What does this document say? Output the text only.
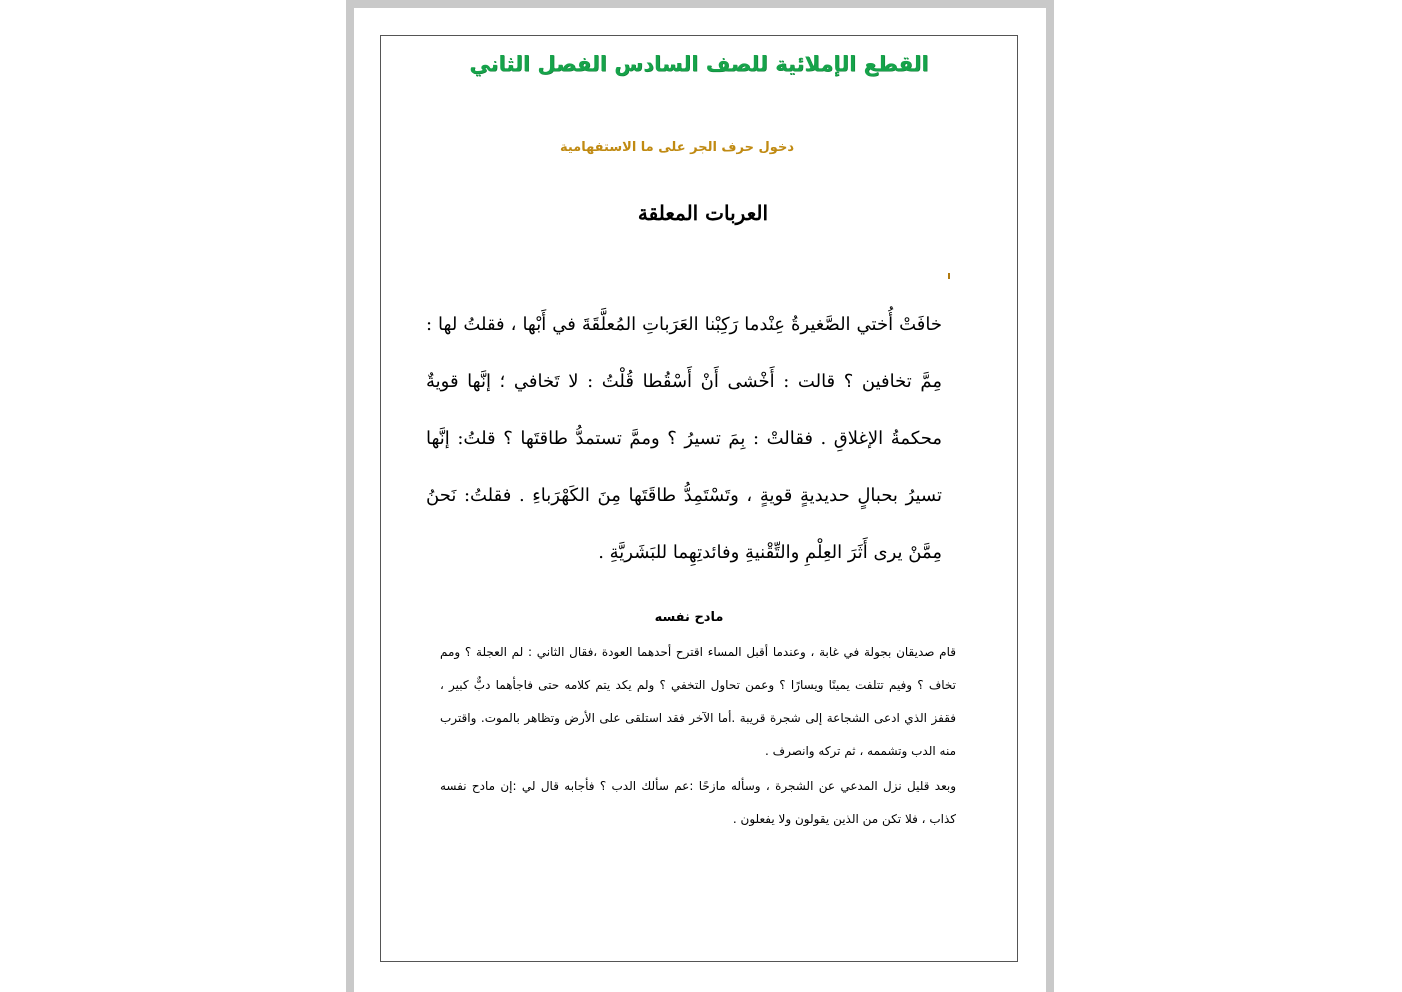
القطع الإملائية للصف السادس الفصل الثاني
دخول حرف الجر على ما الاستفهامية
العربات المعلقة
خافَتْ أُختي الصَّغيرةُ عِنْدما رَكِبْنا العَرَباتِ المُعلَّقَةَ في أَبْها ، فقلتُ لها : مِمَّ تخافين ؟ قالت : أَخْشى أَنْ أَسْقُطا قُلْتُ : لا تَخافي ؛ إنَّها قويةٌ محكمةُ الإغلاقِ . فقالتْ : بِمَ تسيرُ ؟ وممَّ تستمدُّ طاقتَها ؟ قلتُ: إنَّها تسيرُ بحبالٍ حديديةٍ قويةٍ ، وتَسْتَمِدُّ طاقَتَها مِنَ الكَهْرَباءِ . فقلتُ: نَحنُ مِمَّنْ يرى أَثَرَ العِلْمِ والتِّقْنيةِ وفائدتِهِما للبَشَريَّةِ .
مادح نفسه
قام صديقان بجولة في غابة ، وعندما أقبل المساء اقترح أحدهما العودة ،فقال الثاني : لم العجلة ؟ ومم تخاف ؟ وفيم تتلفت يمينًا ويسارًا ؟ وعمن تحاول التخفي ؟ ولم يكد يتم كلامه حتى فاجأهما دبٌّ كبير ، فقفز الذي ادعى الشجاعة إلى شجرة قريبة .أما الآخر فقد استلقى على الأرض وتظاهر بالموت. واقترب منه الدب وتشممه ، ثم تركه وانصرف .
وبعد قليل نزل المدعي عن الشجرة ، وسأله مازحًا :عم سألك الدب ؟ فأجابه قال لي :إن مادح نفسه كذاب ، فلا تكن من الذين يقولون ولا يفعلون .
